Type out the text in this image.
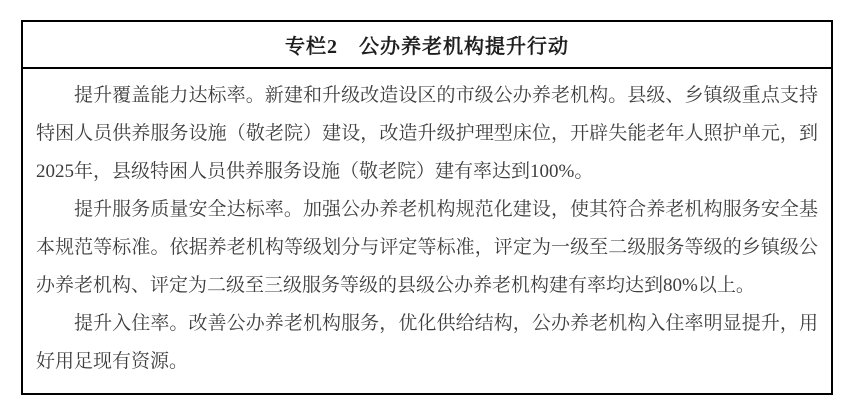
专栏2　公办养老机构提升行动

提升覆盖能力达标率。新建和升级改造设区的市级公办养老机构。县级、乡镇级重点支持特困人员供养服务设施（敬老院）建设，改造升级护理型床位，开辟失能老年人照护单元，到2025年，县级特困人员供养服务设施（敬老院）建有率达到100%。

提升服务质量安全达标率。加强公办养老机构规范化建设，使其符合养老机构服务安全基本规范等标准。依据养老机构等级划分与评定等标准，评定为一级至二级服务等级的乡镇级公办养老机构、评定为二级至三级服务等级的县级公办养老机构建有率均达到80%以上。

提升入住率。改善公办养老机构服务，优化供给结构，公办养老机构入住率明显提升，用好用足现有资源。
